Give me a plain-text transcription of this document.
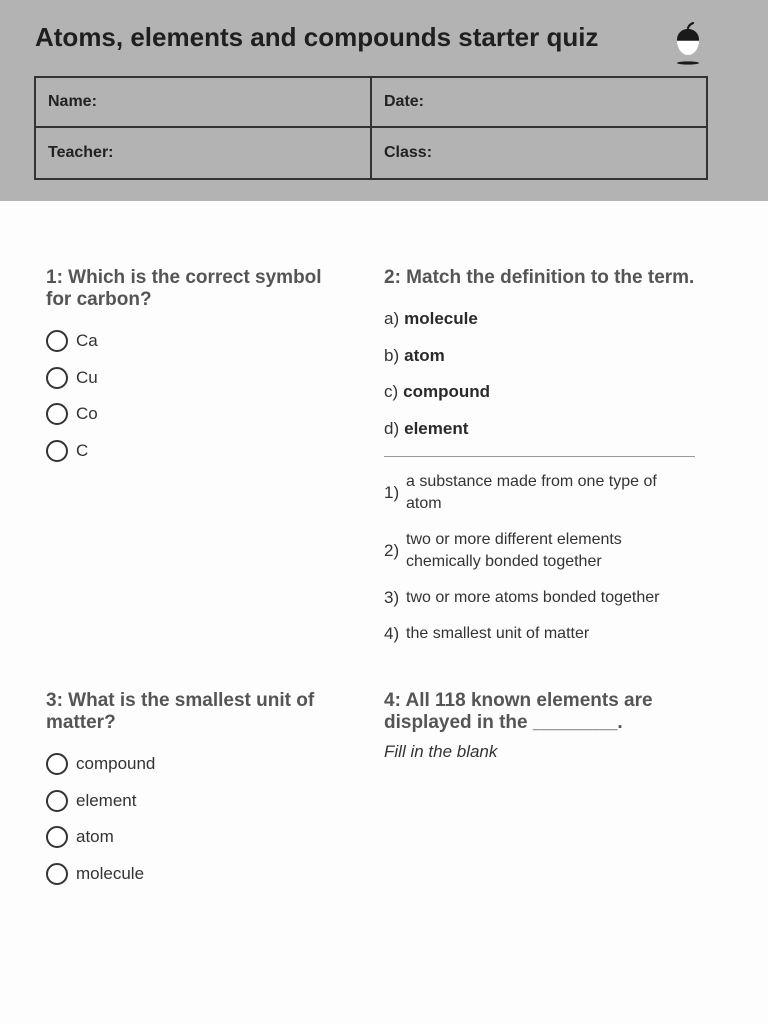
Atoms, elements and compounds starter quiz
Name:	Date:
Teacher:	Class:
1: Which is the correct symbol for carbon?
Ca
Cu
Co
C
2: Match the definition to the term.
a) molecule
b) atom
c) compound
d) element
1)
a substance made from one type of atom
2)
two or more different elements chemically bonded together
3) two or more atoms bonded together
4) the smallest unit of matter
3: What is the smallest unit of matter?
compound
element
atom
molecule
4: All 118 known elements are displayed in the ________.
Fill in the blank
